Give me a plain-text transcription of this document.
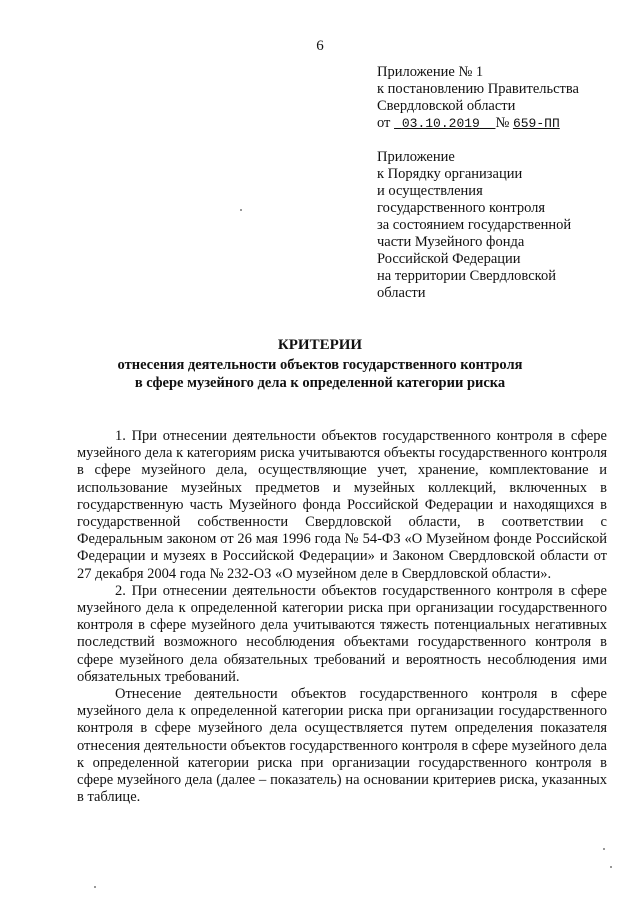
6
Приложение № 1
к постановлению Правительства
Свердловской области
от 03.10.2019 № 659-ПП
Приложение
к Порядку организации
и осуществления
государственного контроля
за состоянием государственной
части Музейного фонда
Российской Федерации
на территории Свердловской
области
КРИТЕРИИ
отнесения деятельности объектов государственного контроля
в сфере музейного дела к определенной категории риска

1. При отнесении деятельности объектов государственного контроля в сфере музейного дела к категориям риска учитываются объекты государственного контроля в сфере музейного дела, осуществляющие учет, хранение, комплектование и использование музейных предметов и музейных коллекций, включенных в государственную часть Музейного фонда Российской Федерации и находящихся в государственной собственности Свердловской области, в соответствии с Федеральным законом от 26 мая 1996 года № 54-ФЗ «О Музейном фонде Российской Федерации и музеях в Российской Федерации» и Законом Свердловской области от 27 декабря 2004 года № 232-ОЗ «О музейном деле в Свердловской области».

2. При отнесении деятельности объектов государственного контроля в сфере музейного дела к определенной категории риска при организации государственного контроля в сфере музейного дела учитываются тяжесть потенциальных негативных последствий возможного несоблюдения объектами государственного контроля в сфере музейного дела обязательных требований и вероятность несоблюдения ими обязательных требований.

Отнесение деятельности объектов государственного контроля в сфере музейного дела к определенной категории риска при организации государственного контроля в сфере музейного дела осуществляется путем определения показателя отнесения деятельности объектов государственного контроля в сфере музейного дела к определенной категории риска при организации государственного контроля в сфере музейного дела (далее – показатель) на основании критериев риска, указанных в таблице.
